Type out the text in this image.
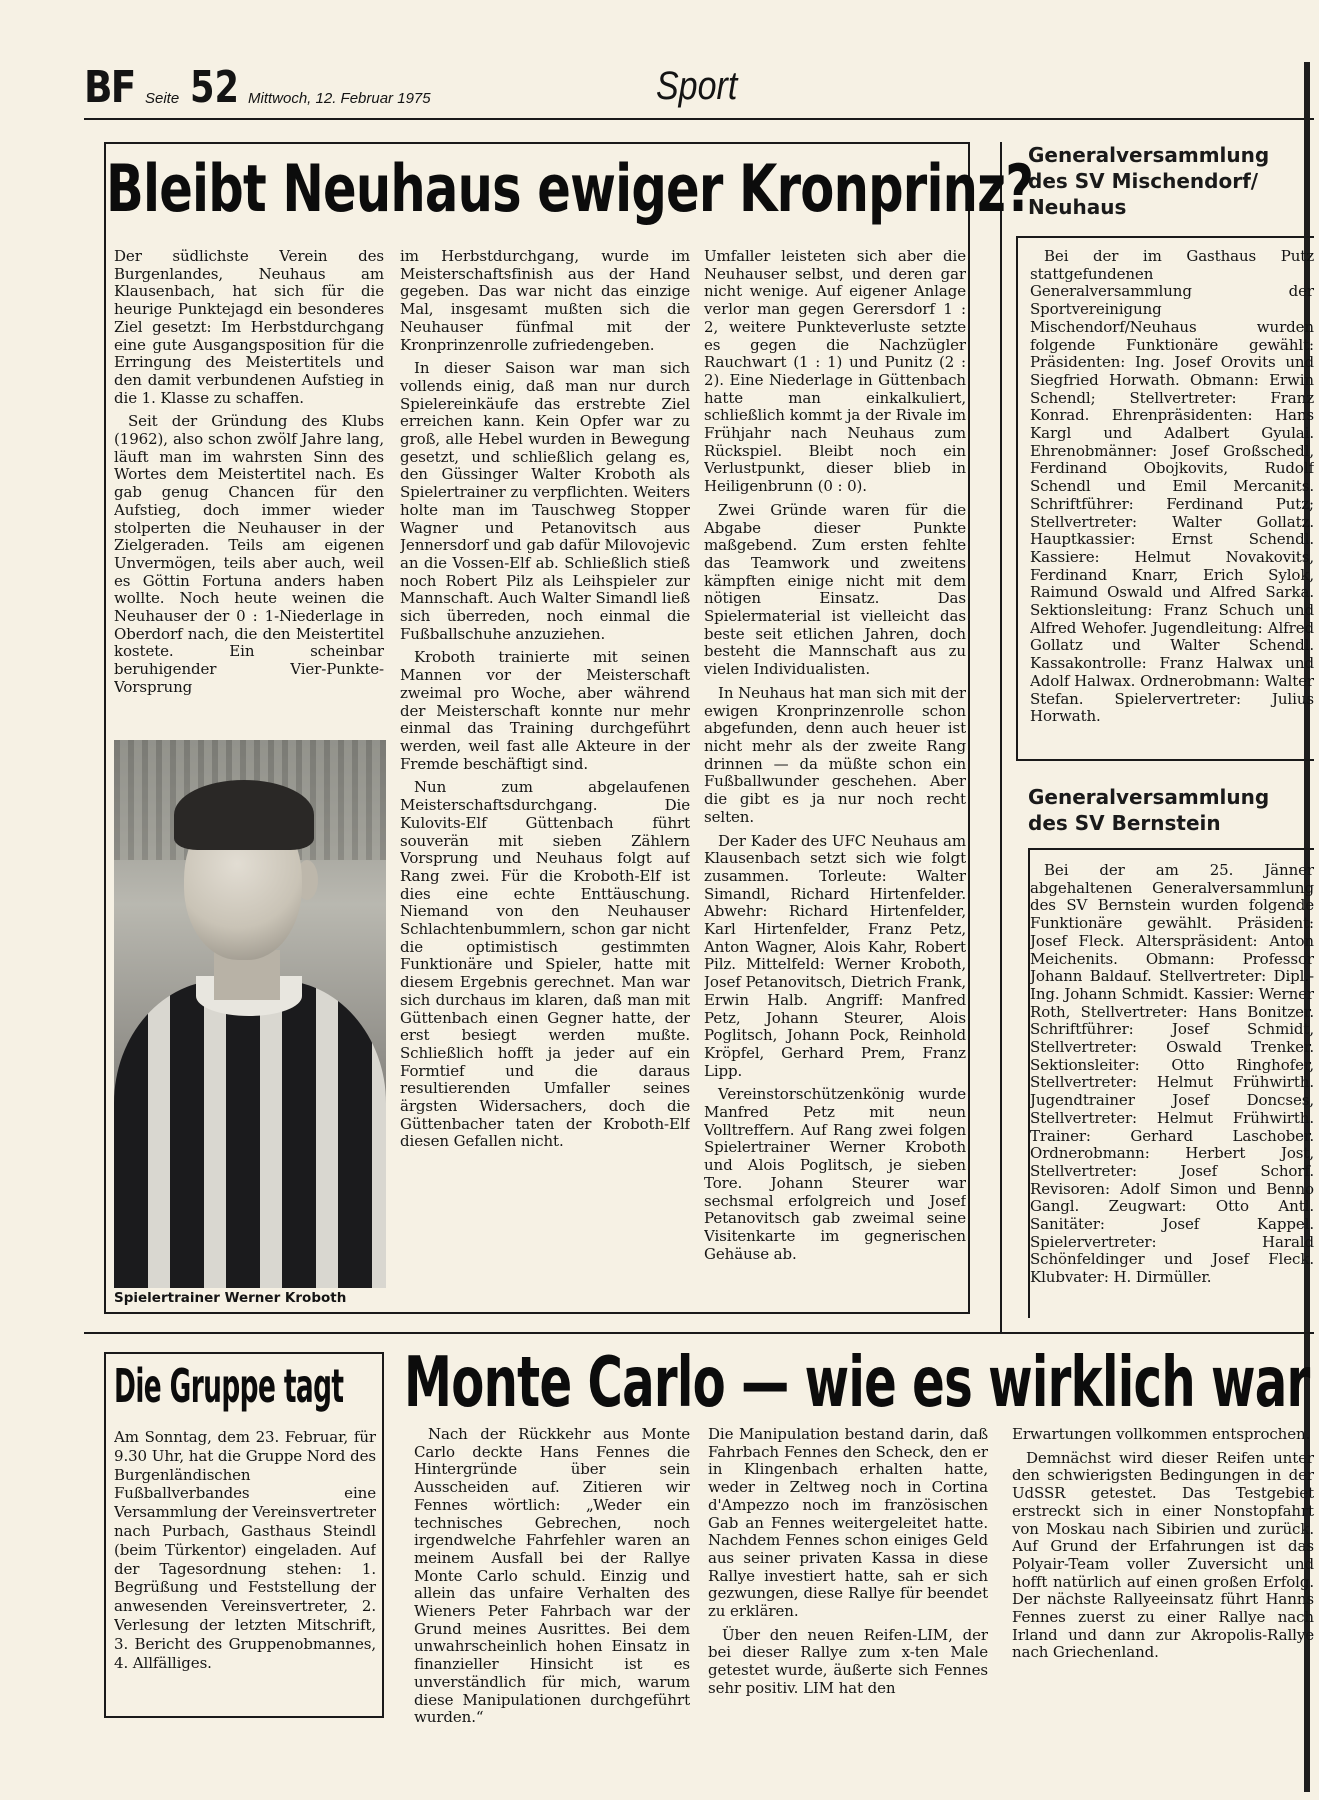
BF Seite 52 Mittwoch, 12. Februar 1975	Sport
Bleibt Neuhaus ewiger Kronprinz?

Der südlichste Verein des Burgenlandes, Neuhaus am Klausenbach, hat sich für die heurige Punktejagd ein besonderes Ziel gesetzt: Im Herbstdurchgang eine gute Ausgangsposition für die Erringung des Meistertitels und den damit verbundenen Aufstieg in die 1. Klasse zu schaffen.

Seit der Gründung des Klubs (1962), also schon zwölf Jahre lang, läuft man im wahrsten Sinn des Wortes dem Meistertitel nach. Es gab genug Chancen für den Aufstieg, doch immer wieder stolperten die Neuhauser in der Zielgeraden. Teils am eigenen Unvermögen, teils aber auch, weil es Göttin Fortuna anders haben wollte. Noch heute weinen die Neuhauser der 0 : 1-Niederlage in Oberdorf nach, die den Meistertitel kostete. Ein scheinbar beruhigender Vier-Punkte-Vorsprung

Spielertrainer Werner Kroboth

im Herbstdurchgang, wurde im Meisterschaftsfinish aus der Hand gegeben. Das war nicht das einzige Mal, insgesamt mußten sich die Neuhauser fünfmal mit der Kronprinzenrolle zufriedengeben.

In dieser Saison war man sich vollends einig, daß man nur durch Spielereinkäufe das erstrebte Ziel erreichen kann. Kein Opfer war zu groß, alle Hebel wurden in Bewegung gesetzt, und schließlich gelang es, den Güssinger Walter Kroboth als Spielertrainer zu verpflichten. Weiters holte man im Tauschweg Stopper Wagner und Petanovitsch aus Jennersdorf und gab dafür Milovojevic an die Vossen-Elf ab. Schließlich stieß noch Robert Pilz als Leihspieler zur Mannschaft. Auch Walter Simandl ließ sich überreden, noch einmal die Fußballschuhe anzuziehen.

Kroboth trainierte mit seinen Mannen vor der Meisterschaft zweimal pro Woche, aber während der Meisterschaft konnte nur mehr einmal das Training durchgeführt werden, weil fast alle Akteure in der Fremde beschäftigt sind.

Nun zum abgelaufenen Meisterschaftsdurchgang. Die Kulovits-Elf Güttenbach führt souverän mit sieben Zählern Vorsprung und Neuhaus folgt auf Rang zwei. Für die Kroboth-Elf ist dies eine echte Enttäuschung. Niemand von den Neuhauser Schlachtenbummlern, schon gar nicht die optimistisch gestimmten Funktionäre und Spieler, hatte mit diesem Ergebnis gerechnet. Man war sich durchaus im klaren, daß man mit Güttenbach einen Gegner hatte, der erst besiegt werden mußte. Schließlich hofft ja jeder auf ein Formtief und die daraus resultierenden Umfaller seines ärgsten Widersachers, doch die Güttenbacher taten der Kroboth-Elf diesen Gefallen nicht.

Umfaller leisteten sich aber die Neuhauser selbst, und deren gar nicht wenige. Auf eigener Anlage verlor man gegen Gerersdorf 1 : 2, weitere Punkteverluste setzte es gegen die Nachzügler Rauchwart (1 : 1) und Punitz (2 : 2). Eine Niederlage in Güttenbach hatte man einkalkuliert, schließlich kommt ja der Rivale im Frühjahr nach Neuhaus zum Rückspiel. Bleibt noch ein Verlustpunkt, dieser blieb in Heiligenbrunn (0 : 0).

Zwei Gründe waren für die Abgabe dieser Punkte maßgebend. Zum ersten fehlte das Teamwork und zweitens kämpften einige nicht mit dem nötigen Einsatz. Das Spielermaterial ist vielleicht das beste seit etlichen Jahren, doch besteht die Mannschaft aus zu vielen Individualisten.

In Neuhaus hat man sich mit der ewigen Kronprinzenrolle schon abgefunden, denn auch heuer ist nicht mehr als der zweite Rang drinnen — da müßte schon ein Fußballwunder geschehen. Aber die gibt es ja nur noch recht selten.

Der Kader des UFC Neuhaus am Klausenbach setzt sich wie folgt zusammen. Torleute: Walter Simandl, Richard Hirtenfelder. Abwehr: Richard Hirtenfelder, Karl Hirtenfelder, Franz Petz, Anton Wagner, Alois Kahr, Robert Pilz. Mittelfeld: Werner Kroboth, Josef Petanovitsch, Dietrich Frank, Erwin Halb. Angriff: Manfred Petz, Johann Steurer, Alois Poglitsch, Johann Pock, Reinhold Kröpfel, Gerhard Prem, Franz Lipp.

Vereinstorschützenkönig wurde Manfred Petz mit neun Volltreffern. Auf Rang zwei folgen Spielertrainer Werner Kroboth und Alois Poglitsch, je sieben Tore. Johann Steurer war sechsmal erfolgreich und Josef Petanovitsch gab zweimal seine Visitenkarte im gegnerischen Gehäuse ab.

Generalversammlung des SV Mischendorf/ Neuhaus

Bei der im Gasthaus Putz stattgefundenen Generalversammlung der Sportvereinigung Mischendorf/Neuhaus wurden folgende Funktionäre gewählt: Präsidenten: Ing. Josef Orovits und Siegfried Horwath. Obmann: Erwin Schendl; Stellvertreter: Franz Konrad. Ehrenpräsidenten: Hans Kargl und Adalbert Gyulai. Ehrenobmänner: Josef Großschedl, Ferdinand Obojkovits, Rudolf Schendl und Emil Mercanits. Schriftführer: Ferdinand Putz; Stellvertreter: Walter Gollatz. Hauptkassier: Ernst Schendl. Kassiere: Helmut Novakovits, Ferdinand Knarr, Erich Sylok, Raimund Oswald und Alfred Sarka. Sektionsleitung: Franz Schuch und Alfred Wehofer. Jugendleitung: Alfred Gollatz und Walter Schendl. Kassakontrolle: Franz Halwax und Adolf Halwax. Ordnerobmann: Walter Stefan. Spielervertreter: Julius Horwath.

Generalversammlung des SV Bernstein

Bei der am 25. Jänner abgehaltenen Generalversammlung des SV Bernstein wurden folgende Funktionäre gewählt. Präsident: Josef Fleck. Alterspräsident: Anton Meichenits. Obmann: Professor Johann Baldauf. Stellvertreter: Dipl.-Ing. Johann Schmidt. Kassier: Werner Roth, Stellvertreter: Hans Bonitzer. Schriftführer: Josef Schmidt, Stellvertreter: Oswald Trenker. Sektionsleiter: Otto Ringhofer, Stellvertreter: Helmut Frühwirth. Jugendtrainer Josef Doncses, Stellvertreter: Helmut Frühwirth. Trainer: Gerhard Laschober. Ordnerobmann: Herbert Jost, Stellvertreter: Josef Schorf. Revisoren: Adolf Simon und Benno Gangl. Zeugwart: Otto Antl. Sanitäter: Josef Kappel. Spielervertreter: Harald Schönfeldinger und Josef Fleck. Klubvater: H. Dirmüller.

Die Gruppe tagt

Am Sonntag, dem 23. Februar, für 9.30 Uhr, hat die Gruppe Nord des Burgenländischen Fußballverbandes eine Versammlung der Vereinsvertreter nach Purbach, Gasthaus Steindl (beim Türkentor) eingeladen. Auf der Tagesordnung stehen: 1. Begrüßung und Feststellung der anwesenden Vereinsvertreter, 2. Verlesung der letzten Mitschrift, 3. Bericht des Gruppenobmannes, 4. Allfälliges.

Monte Carlo — wie es wirklich war

Nach der Rückkehr aus Monte Carlo deckte Hans Fennes die Hintergründe über sein Ausscheiden auf. Zitieren wir Fennes wörtlich: „Weder ein technisches Gebrechen, noch irgendwelche Fahrfehler waren an meinem Ausfall bei der Rallye Monte Carlo schuld. Einzig und allein das unfaire Verhalten des Wieners Peter Fahrbach war der Grund meines Ausrittes. Bei dem unwahrscheinlich hohen Einsatz in finanzieller Hinsicht ist es unverständlich für mich, warum diese Manipulationen durchgeführt wurden.“

Die Manipulation bestand darin, daß Fahrbach Fennes den Scheck, den er in Klingenbach erhalten hatte, weder in Zeltweg noch in Cortina d'Ampezzo noch im französischen Gab an Fennes weitergeleitet hatte. Nachdem Fennes schon einiges Geld aus seiner privaten Kassa in diese Rallye investiert hatte, sah er sich gezwungen, diese Rallye für beendet zu erklären.

Über den neuen Reifen-LIM, der bei dieser Rallye zum x-ten Male getestet wurde, äußerte sich Fennes sehr positiv. LIM hat den

Erwartungen vollkommen entsprochen.

Demnächst wird dieser Reifen unter den schwierigsten Bedingungen in der UdSSR getestet. Das Testgebiet erstreckt sich in einer Nonstopfahrt von Moskau nach Sibirien und zurück. Auf Grund der Erfahrungen ist das Polyair-Team voller Zuversicht und hofft natürlich auf einen großen Erfolg. Der nächste Rallyeeinsatz führt Hanns Fennes zuerst zu einer Rallye nach Irland und dann zur Akropolis-Rallye nach Griechenland.
